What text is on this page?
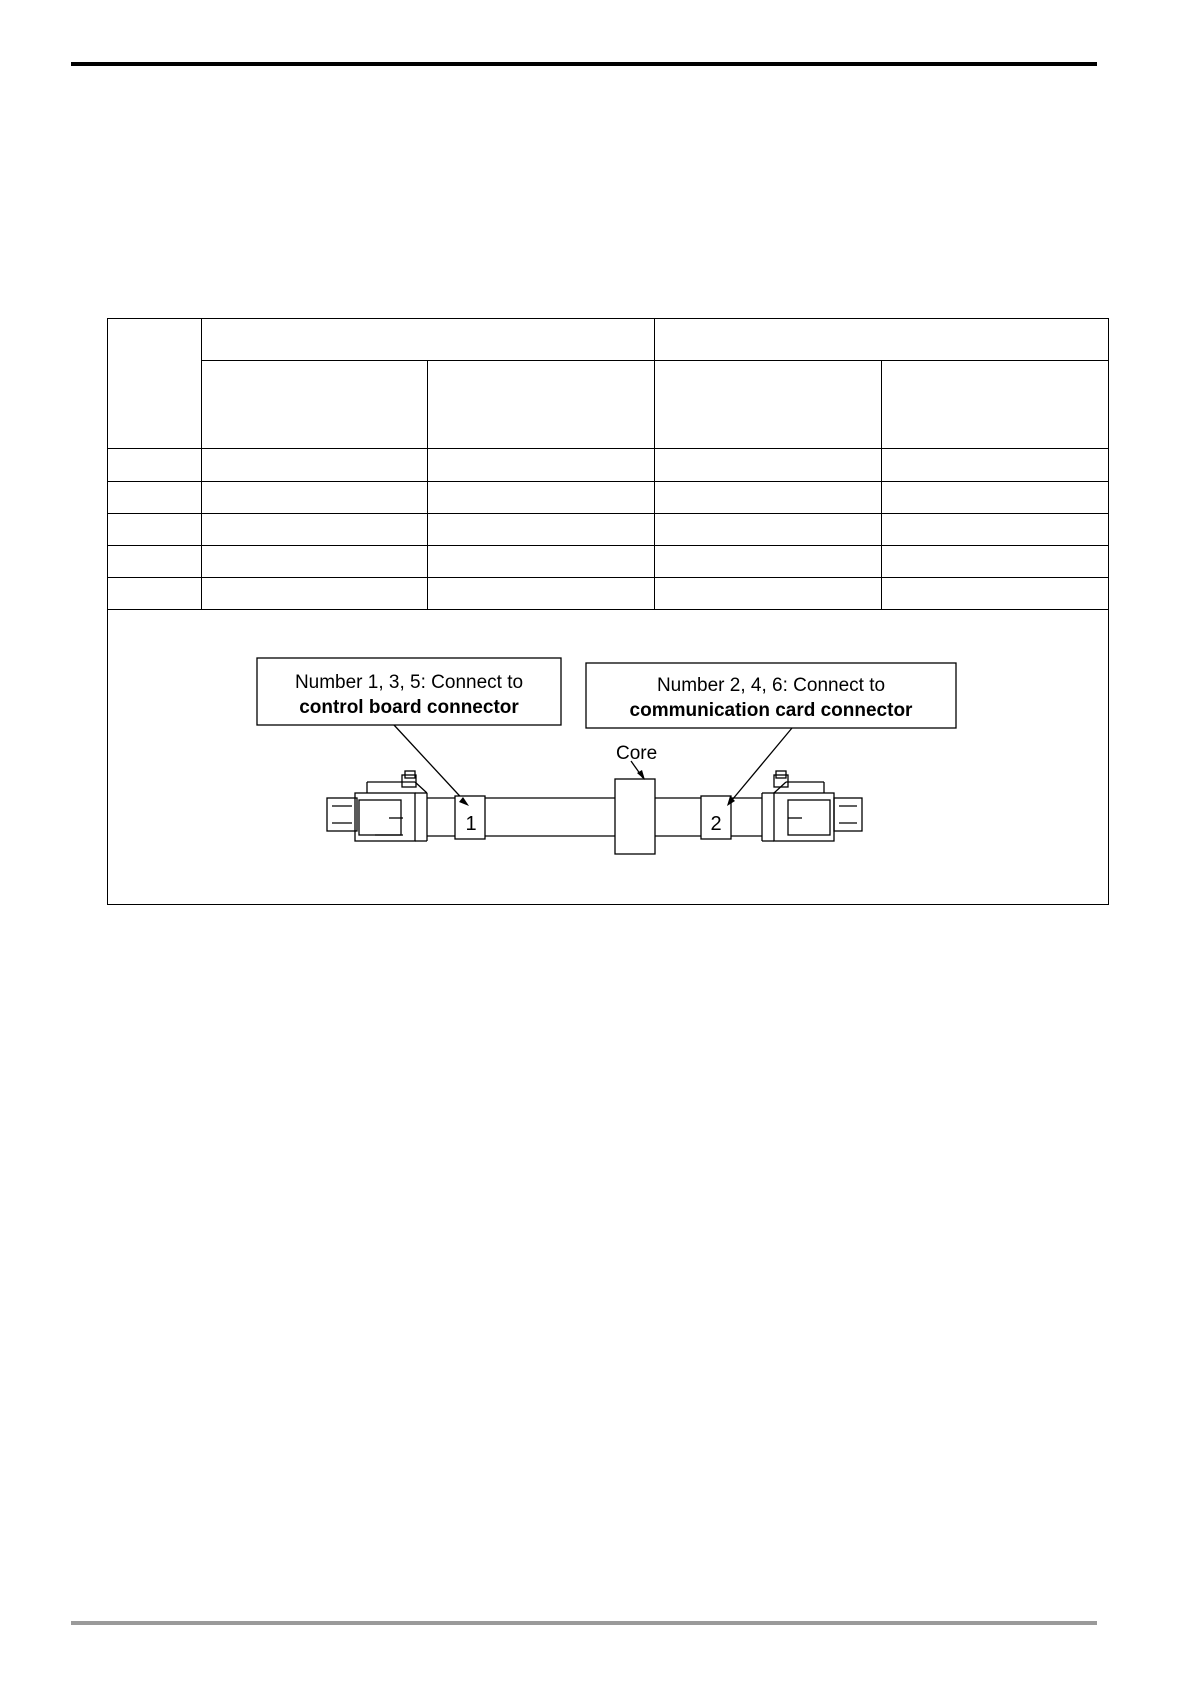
Number 1, 3, 5: Connect to
control board connector
Number 2, 4, 6: Connect to
communication card connector
Core
1	2
